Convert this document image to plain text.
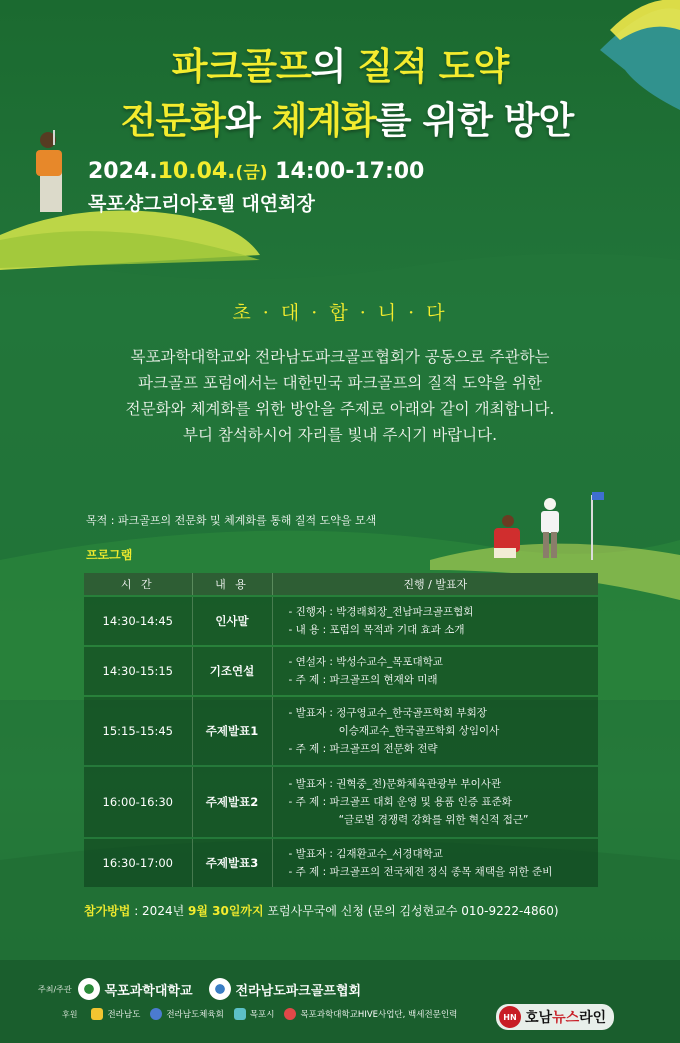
파크골프의 질적 도약
전문화와 체계화를 위한 방안
2024.10.04.(금) 14:00-17:00
목포샹그리아호텔 대연회장
초 · 대 · 합 · 니 · 다
목포과학대학교와 전라남도파크골프협회가 공동으로 주관하는
파크골프 포럼에서는 대한민국 파크골프의 질적 도약을 위한
전문화와 체계화를 위한 방안을 주제로 아래와 같이 개최합니다.
부디 참석하시어 자리를 빛내 주시기 바랍니다.
목적 : 파크골프의 전문화 및 체계화를 통해 질적 도약을 모색
프로그램
시 간	내 용	진행 / 발표자

14:30-14:45	인사말	- 진행자 : 박경래회장_전남파크골프협회
- 내 용 : 포럼의 목적과 기대 효과 소개

14:30-15:15	기조연설	- 연설자 : 박성수교수_목포대학교
- 주 제 : 파크골프의 현재와 미래

15:15-15:45	주제발표1	- 발표자 : 정구영교수_한국골프학회 부회장
이승재교수_한국골프학회 상임이사
- 주 제 : 파크골프의 전문화 전략

16:00-16:30	주제발표2	- 발표자 : 권혁중_전)문화체육관광부 부이사관
- 주 제 : 파크골프 대회 운영 및 용품 인증 표준화
“글로벌 경쟁력 강화를 위한 혁신적 접근”

16:30-17:00	주제발표3	- 발표자 : 김재환교수_서경대학교
- 주 제 : 파크골프의 전국체전 정식 종목 채택을 위한 준비
참가방법 : 2024년 9월 30일까지 포럼사무국에 신청 (문의 김성현교수 010-9222-4860)
주최/주관	목포과학대학교	전라남도파크골프협회
후원	전라남도	전라남도체육회	목포시	목포과학대학교HIVE사업단, 백세전문인력	HN 호남뉴스라인
